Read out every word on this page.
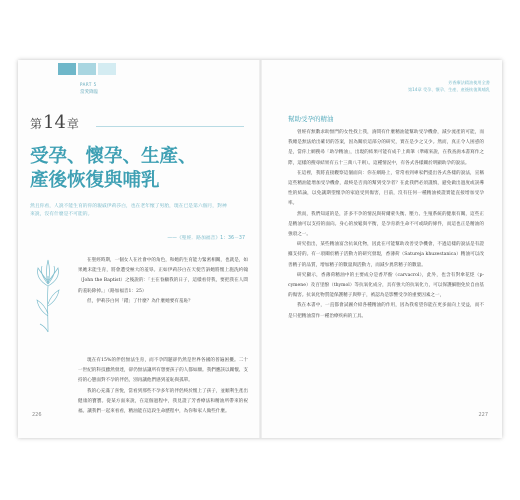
PART 5
當愛降臨
第14章
受孕、懷孕、生產、
產後恢復與哺乳
然且你看，人說不能生育的你的親戚伊莉莎白，也在老年懷了男胎，現在已是第六個月，對神來說，沒有什麼是不可能的。
——《聖經．路加福音》1：36－37

在聖經時期，一個女人在社會中的角色，和她的生育能力緊密相關，也就是，如果她未能生育，將會遭受極大的羞辱。正如伊莉莎白在天使告訴她將懷上施洗約翰（John the Baptist）之後說的：「主在眷顧我的日子，這樣看待我，要把我在人間的羞恥除掉。」（路加福音1：25）

但，伊莉莎白何「錯」了什麼？為什麼她要有羞恥？

現在有15%的伴侶無法生育，而不孕問題卻仍然是世界各國的普遍困擾。二十一世紀的科技雖然發達，卻仍無法讓所有想要孩子的人都如願。我們應該以關懷、支持的心態面對不孕的伴侶，別再讓他們感到羞恥與孤單。

我的心充滿了喜悅，當看到那些不孕多年的伴侶終於懷上了孩子，並順利生產出健康的寶寶。從某方面來說，在這個過程中，我見證了芳香療法和精油所帶來的祝福。讓我們一起來看看，精油能在這段生命歷程中，為你和家人做些什麼。

226
芳香療法精油使用全書
第14章 受孕、懷孕、生產、產後恢復與哺乳
幫助受孕的精油

曾經有無數求助無門的女性找上我，詢問有什麼精油能幫助受孕機會，減少流產的可能，而我總是無法給出確切的答案，因為關於這部分的研究，實在是少之又少。然而，真正令人困惑的是，當你上網搜尋「助孕精油」，出現的結果可能有成千上萬筆（準確來說，在我查詢本書寫作之際，這樣的搜尋結果有五十三萬八千則）。這種情況中，有各式各樣關於明顯助孕的說法。

在這裡，我將直接觀察這個面向：你在網路上，常常看到專家們提出各式各樣的說法，宣稱這些精油能增加受孕機會，最終是否真的幫到受孕者？在此我們必須謹慎，避免做出過度或誤導性的結論，以免讓期望懷孕的家庭受到傷害，目前，沒有任何一種精油被證實能直接增加受孕率。

然而，我們知道的是，許多不孕的情況與荷爾蒙失衡、壓力、生殖系統的健康有關，這些正是精油可以支持的面向。身心的放鬆與平衡，是孕育新生命不可或缺的條件，而這也正是精油的強項之一。

研究指出，某些精油富含抗氧化物，因此在可能幫助改善受孕機會，不過這樣的說法是有證據支持的。有一項關於精子活動力的研究發現，香薄荷（Satureja khuzestanica）精油可以改善精子的品質，增加精子的數量與活動力，而減少異常精子的數量。

研究顯示，香薄荷精油中的主要成分是香芹酚（carvacrol），此外，也含有對傘花烴（p-cymene）及百里酚（thymol）等抗氧化成分，具有強大的抗氧化力，可以保護細胞免於自由基的傷害。抗氧化物質能保護精子與卵子，被認為是影響受孕的重要因素之一，

我在本書中，一直都會試圖介紹各種精油的作用，因為我希望你能在更多面向上受益，而不是只把精油當作一種治療疾病的工具。

227
